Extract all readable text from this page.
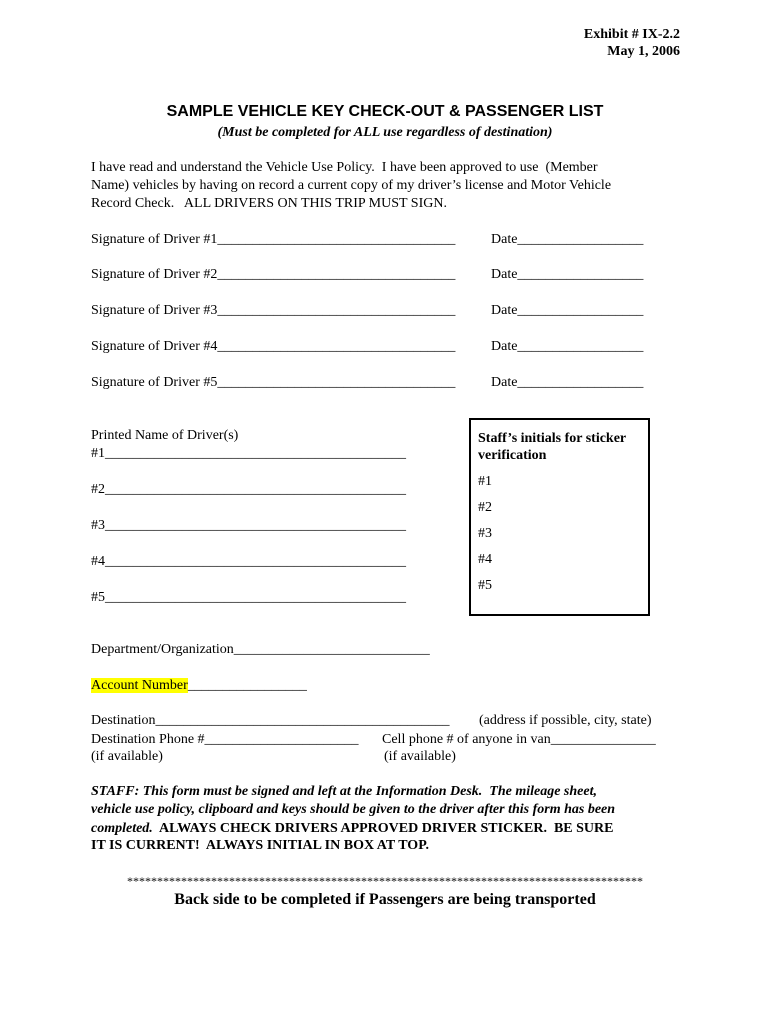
Exhibit # IX-2.2
May 1, 2006
SAMPLE VEHICLE KEY CHECK-OUT & PASSENGER LIST
(Must be completed for ALL use regardless of destination)
I have read and understand the Vehicle Use Policy.  I have been approved to use  (Member
Name) vehicles by having on record a current copy of my driver’s license and Motor Vehicle
Record Check.   ALL DRIVERS ON THIS TRIP MUST SIGN.
Signature of Driver #1__________________________________	Date__________________
Signature of Driver #2__________________________________	Date__________________
Signature of Driver #3__________________________________	Date__________________
Signature of Driver #4__________________________________	Date__________________
Signature of Driver #5__________________________________	Date__________________
Printed Name of Driver(s)
#1___________________________________________
#2___________________________________________
#3___________________________________________
#4___________________________________________
#5___________________________________________
Staff’s initials for sticker
verification
#1
#2
#3
#4
#5
Department/Organization____________________________
Account Number_________________
Destination__________________________________________ (address if possible, city, state)
Destination Phone #______________________ Cell phone # of anyone in van_______________
(if available)	(if available)
STAFF: This form must be signed and left at the Information Desk.  The mileage sheet,
vehicle use policy, clipboard and keys should be given to the driver after this form has been
completed.  ALWAYS CHECK DRIVERS APPROVED DRIVER STICKER.  BE SURE
IT IS CURRENT!  ALWAYS INITIAL IN BOX AT TOP.
**************************************************************************************
Back side to be completed if Passengers are being transported
